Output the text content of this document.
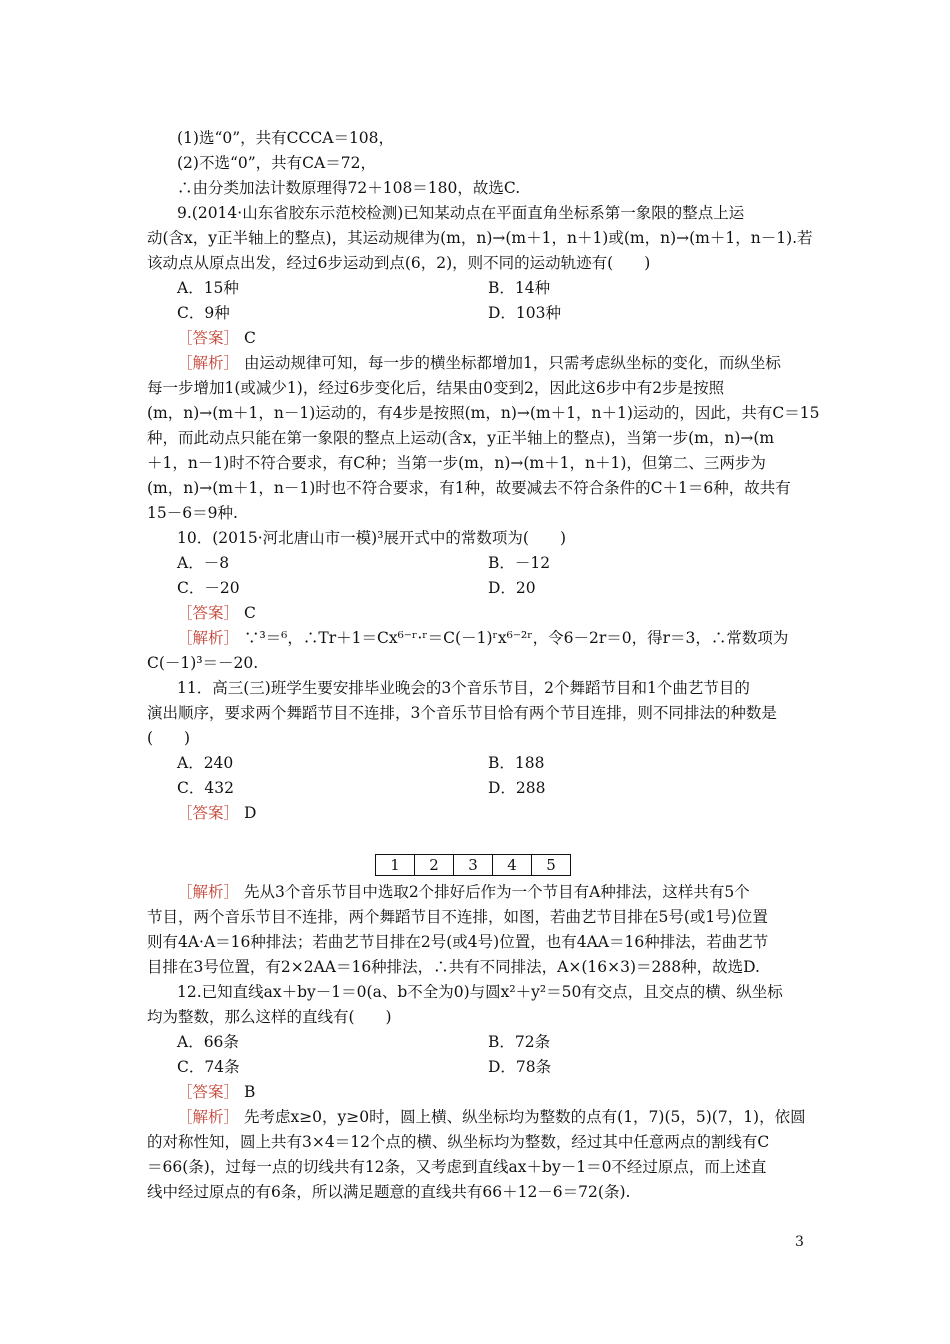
(1)选“0”，共有CCCA＝108，
(2)不选“0”，共有CA＝72，
∴由分类加法计数原理得72＋108＝180，故选C.
9.(2014·山东省胶东示范校检测)已知某动点在平面直角坐标系第一象限的整点上运
动(含x，y正半轴上的整点)，其运动规律为(m，n)→(m＋1，n＋1)或(m，n)→(m＋1，n－1).若
该动点从原点出发，经过6步运动到点(6，2)，则不同的运动轨迹有(　　)
A．15种	B．14种
C．9种	D．103种
［答案］ C
［解析］ 由运动规律可知，每一步的横坐标都增加1，只需考虑纵坐标的变化，而纵坐标
每一步增加1(或减少1)，经过6步变化后，结果由0变到2，因此这6步中有2步是按照
(m，n)→(m＋1，n－1)运动的，有4步是按照(m，n)→(m＋1，n＋1)运动的，因此，共有C＝15
种，而此动点只能在第一象限的整点上运动(含x，y正半轴上的整点)，当第一步(m，n)→(m
＋1，n－1)时不符合要求，有C种；当第一步(m，n)→(m＋1，n＋1)，但第二、三两步为
(m，n)→(m＋1，n－1)时也不符合要求，有1种，故要减去不符合条件的C＋1＝6种，故共有
15－6＝9种.
10．(2015·河北唐山市一模)³展开式中的常数项为(　　)
A．－8	B．－12
C．－20	D．20
［答案］ C
［解析］ ∵³＝⁶，∴Tr＋1＝Cx⁶⁻ʳ·ʳ＝C(－1)ʳx⁶⁻²ʳ，令6－2r＝0，得r＝3，∴常数项为
C(－1)³＝－20.
11．高三(三)班学生要安排毕业晚会的3个音乐节目，2个舞蹈节目和1个曲艺节目的
演出顺序，要求两个舞蹈节目不连排，3个音乐节目恰有两个节目连排，则不同排法的种数是
(　　)
A．240	B．188
C．432	D．288
［答案］ D
1	2	3	4	5
［解析］ 先从3个音乐节目中选取2个排好后作为一个节目有A种排法，这样共有5个
节目，两个音乐节目不连排，两个舞蹈节目不连排，如图，若曲艺节目排在5号(或1号)位置
则有4A·A＝16种排法；若曲艺节目排在2号(或4号)位置，也有4AA＝16种排法，若曲艺节
目排在3号位置，有2×2AA＝16种排法，∴共有不同排法，A×(16×3)＝288种，故选D.
12.已知直线ax＋by－1＝0(a、b不全为0)与圆x²＋y²＝50有交点，且交点的横、纵坐标
均为整数，那么这样的直线有(　　)
A．66条	B．72条
C．74条	D．78条
［答案］ B
［解析］ 先考虑x≥0，y≥0时，圆上横、纵坐标均为整数的点有(1，7)(5，5)(7，1)，依圆
的对称性知，圆上共有3×4＝12个点的横、纵坐标均为整数，经过其中任意两点的割线有C
＝66(条)，过每一点的切线共有12条，又考虑到直线ax＋by－1＝0不经过原点，而上述直
线中经过原点的有6条，所以满足题意的直线共有66＋12－6＝72(条).
3
